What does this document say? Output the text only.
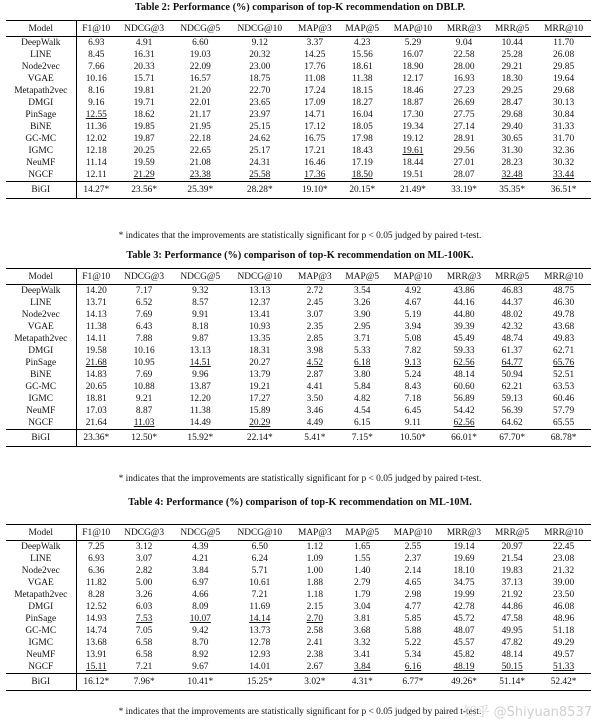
Table 2: Performance (%) comparison of top-K recommendation on DBLP.
Model	F1@10	NDCG@3	NDCG@5	NDCG@10	MAP@3	MAP@5	MAP@10	MRR@3	MRR@5	MRR@10
DeepWalk	6.93	4.91	6.60	9.12	3.37	4.23	5.29	9.04	10.44	11.70
LINE	8.45	16.31	19.03	20.32	14.25	15.56	16.07	22.58	25.28	26.08
Node2vec	7.66	20.33	22.09	23.00	17.76	18.61	18.90	28.00	29.21	29.85
VGAE	10.16	15.71	16.57	18.75	11.08	11.38	12.17	16.93	18.30	19.64
Metapath2vec	8.16	19.81	21.20	22.70	17.24	18.15	18.46	27.23	29.25	29.68
DMGI	9.16	19.71	22.01	23.65	17.09	18.27	18.87	26.69	28.47	30.13
PinSage	12.55	18.62	21.17	23.97	14.71	16.04	17.30	27.75	29.68	30.84
BiNE	11.36	19.85	21.95	25.15	17.12	18.05	19.34	27.14	29.40	31.33
GC-MC	12.02	19.87	22.18	24.62	16.75	17.98	19.12	28.91	30.65	31.70
IGMC	12.18	20.25	22.65	25.17	17.21	18.43	19.61	29.56	31.30	32.36
NeuMF	11.14	19.59	21.08	24.31	16.46	17.19	18.44	27.01	28.23	30.32
NGCF	12.11	21.29	23.38	25.58	17.36	18.50	19.51	28.07	32.48	33.44
BiGI	14.27*	23.56*	25.39*	28.28*	19.10*	20.15*	21.49*	33.19*	35.35*	36.51*
* indicates that the improvements are statistically significant for p < 0.05 judged by paired t-test.
Table 3: Performance (%) comparison of top-K recommendation on ML-100K.
Model	F1@10	NDCG@3	NDCG@5	NDCG@10	MAP@3	MAP@5	MAP@10	MRR@3	MRR@5	MRR@10
DeepWalk	14.20	7.17	9.32	13.13	2.72	3.54	4.92	43.86	46.83	48.75
LINE	13.71	6.52	8.57	12.37	2.45	3.26	4.67	44.16	44.37	46.30
Node2vec	14.13	7.69	9.91	13.41	3.07	3.90	5.19	44.80	48.02	49.78
VGAE	11.38	6.43	8.18	10.93	2.35	2.95	3.94	39.39	42.32	43.68
Metapath2vec	14.11	7.88	9.87	13.35	2.85	3.71	5.08	45.49	48.74	49.83
DMGI	19.58	10.16	13.13	18.31	3.98	5.33	7.82	59.33	61.37	62.71
PinSage	21.68	10.95	14.51	20.27	4.52	6.18	9.13	62.56	64.77	65.76
BiNE	14.83	7.69	9.96	13.79	2.87	3.80	5.24	48.14	50.94	52.51
GC-MC	20.65	10.88	13.87	19.21	4.41	5.84	8.43	60.60	62.21	63.53
IGMC	18.81	9.21	12.20	17.27	3.50	4.82	7.18	56.89	59.13	60.46
NeuMF	17.03	8.87	11.38	15.89	3.46	4.54	6.45	54.42	56.39	57.79
NGCF	21.64	11.03	14.49	20.29	4.49	6.15	9.11	62.56	64.62	65.55
BiGI	23.36*	12.50*	15.92*	22.14*	5.41*	7.15*	10.50*	66.01*	67.70*	68.78*
* indicates that the improvements are statistically significant for p < 0.05 judged by paired t-test.
Table 4: Performance (%) comparison of top-K recommendation on ML-10M.
Model	F1@10	NDCG@3	NDCG@5	NDCG@10	MAP@3	MAP@5	MAP@10	MRR@3	MRR@5	MRR@10
DeepWalk	7.25	3.12	4.39	6.50	1.12	1.65	2.55	19.14	20.97	22.45
LINE	6.93	3.07	4.21	6.24	1.09	1.55	2.37	19.69	21.54	23.08
Node2vec	6.36	2.82	3.84	5.71	1.00	1.40	2.14	18.10	19.83	21.32
VGAE	11.82	5.00	6.97	10.61	1.88	2.79	4.65	34.75	37.13	39.00
Metapath2vec	8.28	3.26	4.66	7.21	1.18	1.79	2.98	19.99	21.92	23.50
DMGI	12.52	6.03	8.09	11.69	2.15	3.04	4.77	42.78	44.86	46.08
PinSage	14.93	7.53	10.07	14.14	2.70	3.81	5.85	45.72	47.58	48.96
GC-MC	14.74	7.05	9.42	13.73	2.58	3.68	5.88	48.07	49.95	51.18
IGMC	13.68	6.58	8.70	12.78	2.41	3.32	5.22	45.57	47.82	49.29
NeuMF	13.91	6.58	8.92	12.93	2.38	3.41	5.34	45.82	48.14	49.57
NGCF	15.11	7.21	9.67	14.01	2.67	3.84	6.16	48.19	50.15	51.33
BiGI	16.12*	7.96*	10.41*	15.25*	3.02*	4.31*	6.77*	49.26*	51.14*	52.42*
* indicates that the improvements are statistically significant for p < 0.05 judged by paired t-test.
知乎 @Shiyuan8537
